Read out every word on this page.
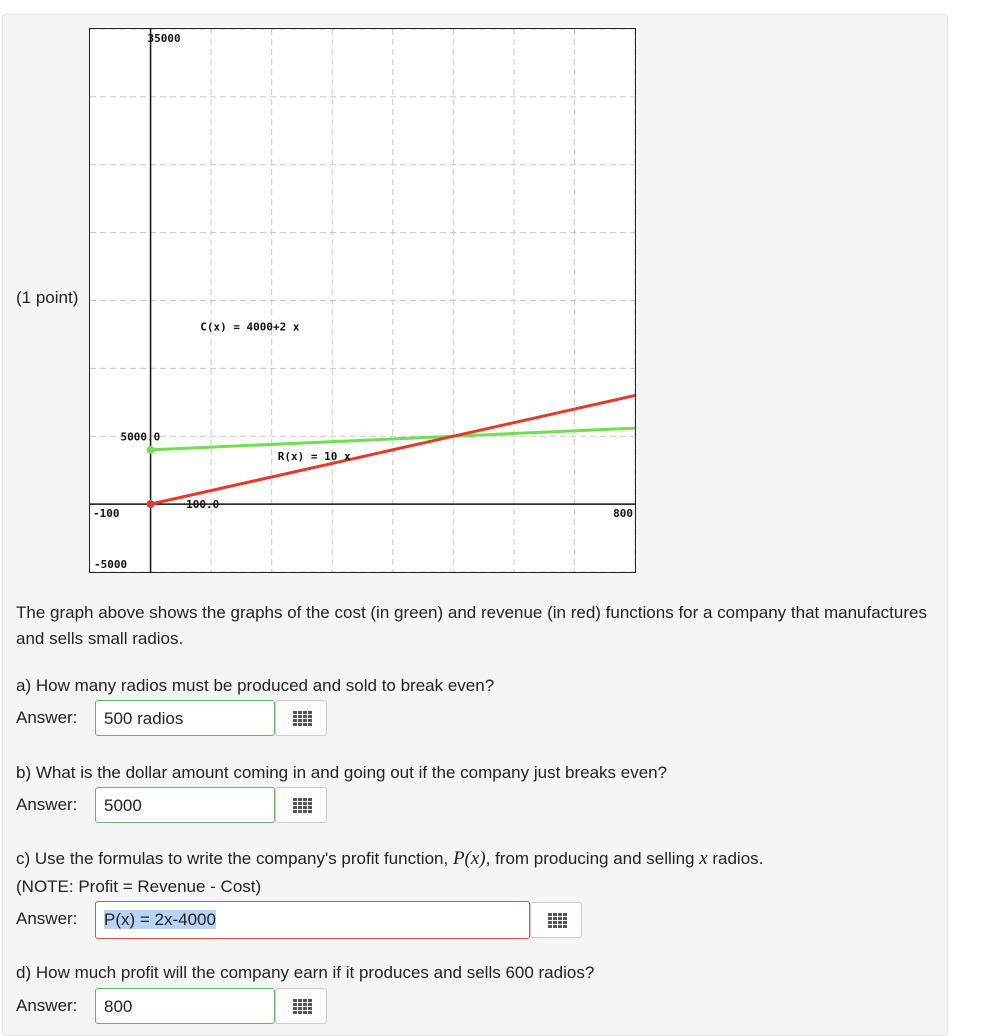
(1 point)
35000
5000.0
-5000
-100
100.0
800
C(x) = 4000+2 x
R(x) = 10 x
The graph above shows the graphs of the cost (in green) and revenue (in red) functions for a company that manufactures and sells small radios.
a) How many radios must be produced and sold to break even?
Answer:	500 radios
b) What is the dollar amount coming in and going out if the company just breaks even?
Answer:	5000
c) Use the formulas to write the company's profit function, P(x), from producing and selling x radios.
(NOTE: Profit = Revenue - Cost)
Answer:	P(x) = 2x-4000
d) How much profit will the company earn if it produces and sells 600 radios?
Answer:	800
